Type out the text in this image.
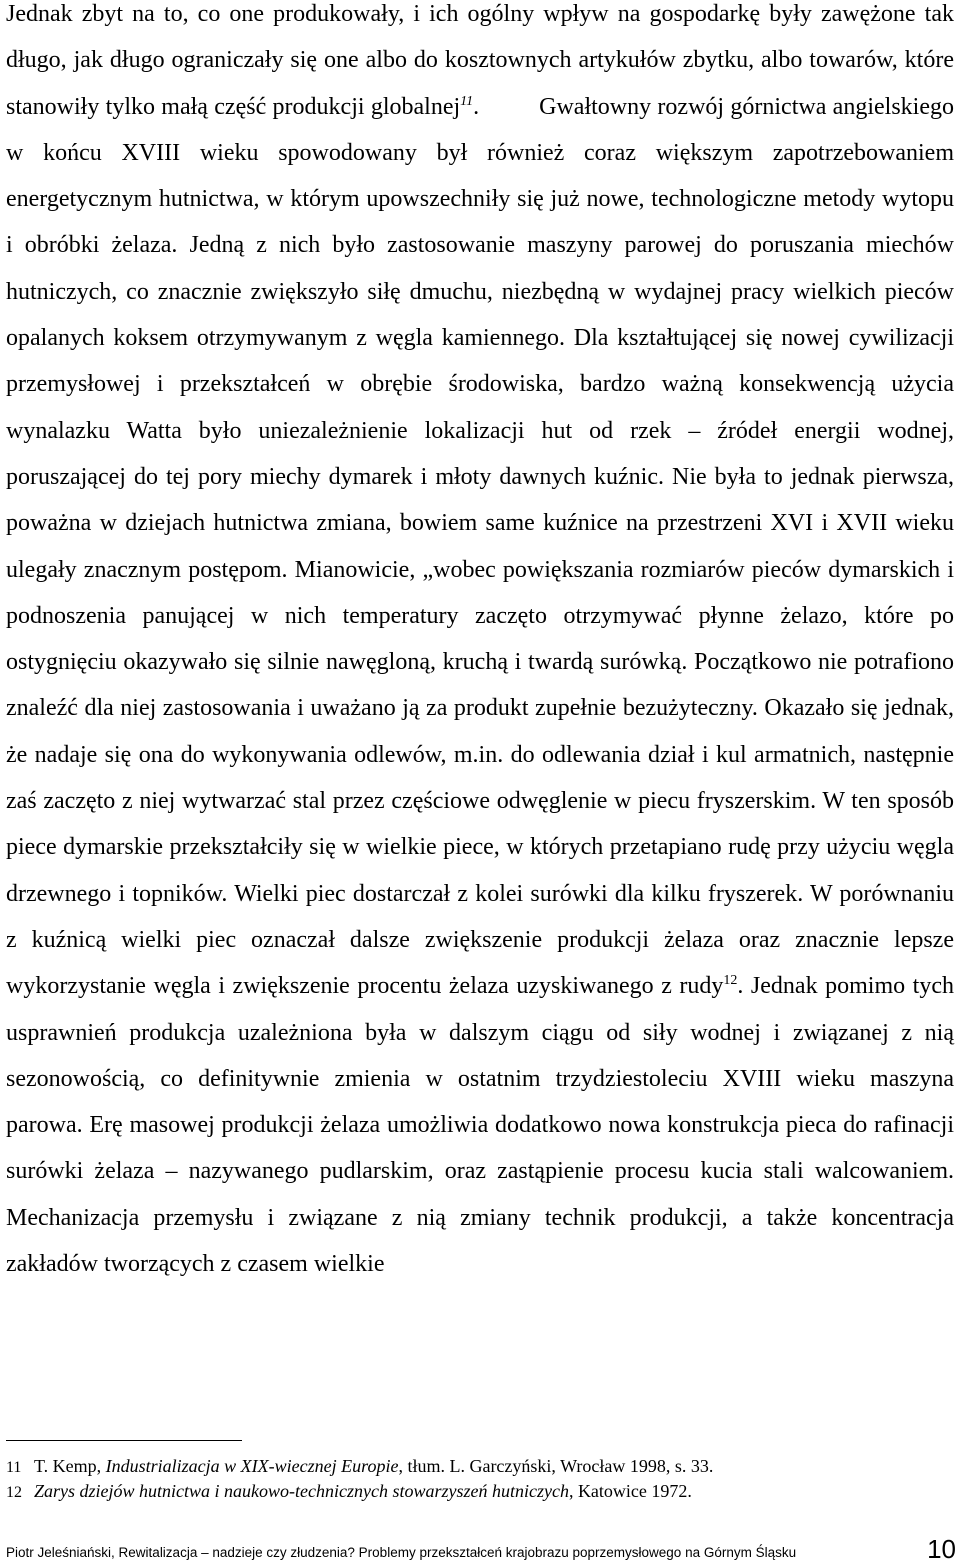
Jednak zbyt na to, co one produkowały, i ich ogólny wpływ na gospodarkę były zawężone tak długo, jak długo ograniczały się one albo do kosztownych artykułów zbytku, albo towarów, które stanowiły tylko małą część produkcji globalnej$^{11}$.	Gwałtowny rozwój górnictwa angielskiego w końcu XVIII wieku spowodowany był również coraz większym zapotrzebowaniem energetycznym hutnictwa, w którym upowszechniły się już nowe, technologiczne metody wytopu i obróbki żelaza. Jedną z nich było zastosowanie maszyny parowej do poruszania miechów hutniczych, co znacznie zwiększyło siłę dmuchu, niezbędną w wydajnej pracy wielkich pieców opalanych koksem otrzymywanym z węgla kamiennego. Dla kształtującej się nowej cywilizacji przemysłowej i przekształceń w obrębie środowiska, bardzo ważną konsekwencją użycia wynalazku Watta było uniezależnienie lokalizacji hut od rzek – źródeł energii wodnej, poruszającej do tej pory miechy dymarek i młoty dawnych kuźnic. Nie była to jednak pierwsza, poważna w dziejach hutnictwa zmiana, bowiem same kuźnice na przestrzeni XVI i XVII wieku ulegały znacznym postępom. Mianowicie, „wobec powiększania rozmiarów pieców dymarskich i podnoszenia panującej w nich temperatury zaczęto otrzymywać płynne żelazo, które po ostygnięciu okazywało się silnie nawęgloną, kruchą i twardą surówką. Początkowo nie potrafiono znaleźć dla niej zastosowania i uważano ją za produkt zupełnie bezużyteczny. Okazało się jednak, że nadaje się ona do wykonywania odlewów, m.in. do odlewania dział i kul armatnich, następnie zaś zaczęto z niej wytwarzać stal przez częściowe odwęglenie w piecu fryszerskim. W ten sposób piece dymarskie przekształciły się w wielkie piece, w których przetapiano rudę przy użyciu węgla drzewnego i topników. Wielki piec dostarczał z kolei surówki dla kilku fryszerek. W porównaniu z kuźnicą wielki piec oznaczał dalsze zwiększenie produkcji żelaza oraz znacznie lepsze wykorzystanie węgla i zwiększenie procentu żelaza uzyskiwanego z rudy$^{12}$. Jednak pomimo tych usprawnień produkcja uzależniona była w dalszym ciągu od siły wodnej i związanej z nią sezonowością, co definitywnie zmienia w ostatnim trzydziestoleciu XVIII wieku maszyna parowa. Erę masowej produkcji żelaza umożliwia dodatkowo nowa konstrukcja pieca do rafinacji surówki żelaza – nazywanego pudlarskim, oraz zastąpienie procesu kucia stali walcowaniem. Mechanizacja przemysłu i związane z nią zmiany technik produkcji, a także koncentracja zakładów tworzących z czasem wielkie

11 T. Kemp, Industrializacja w XIX-wiecznej Europie, tłum. L. Garczyński, Wrocław 1998, s. 33.
12 Zarys dziejów hutnictwa i naukowo-technicznych stowarzyszeń hutniczych, Katowice 1972.
Piotr Jeleśniański, Rewitalizacja – nadzieje czy złudzenia? Problemy przekształceń krajobrazu poprzemysłowego na Górnym Śląsku	10
